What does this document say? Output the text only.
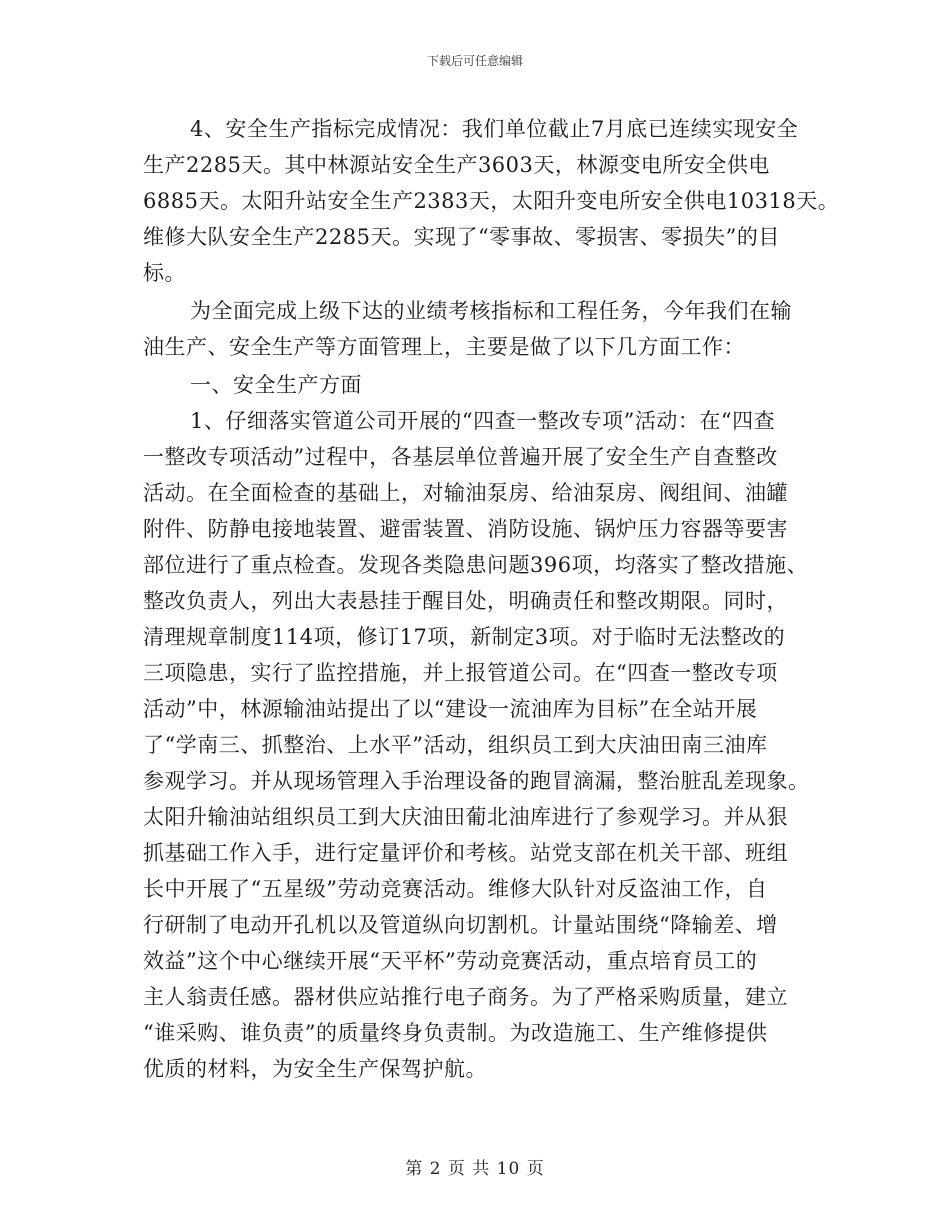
下载后可任意编辑
4、安全生产指标完成情况：我们单位截止7月底已连续实现安全
生产2285天。其中林源站安全生产3603天，林源变电所安全供电
6885天。太阳升站安全生产2383天，太阳升变电所安全供电10318天。
维修大队安全生产2285天。实现了“零事故、零损害、零损失”的目
标。
为全面完成上级下达的业绩考核指标和工程任务，今年我们在输
油生产、安全生产等方面管理上，主要是做了以下几方面工作：
一、安全生产方面
1、仔细落实管道公司开展的“四查一整改专项”活动：在“四查
一整改专项活动”过程中，各基层单位普遍开展了安全生产自查整改
活动。在全面检查的基础上，对输油泵房、给油泵房、阀组间、油罐
附件、防静电接地装置、避雷装置、消防设施、锅炉压力容器等要害
部位进行了重点检查。发现各类隐患问题396项，均落实了整改措施、
整改负责人，列出大表悬挂于醒目处，明确责任和整改期限。同时，
清理规章制度114项，修订17项，新制定3项。对于临时无法整改的
三项隐患，实行了监控措施，并上报管道公司。在“四查一整改专项
活动”中，林源输油站提出了以“建设一流油库为目标”在全站开展
了“学南三、抓整治、上水平”活动，组织员工到大庆油田南三油库
参观学习。并从现场管理入手治理设备的跑冒滴漏，整治脏乱差现象。
太阳升输油站组织员工到大庆油田葡北油库进行了参观学习。并从狠
抓基础工作入手，进行定量评价和考核。站党支部在机关干部、班组
长中开展了“五星级”劳动竞赛活动。维修大队针对反盗油工作，自
行研制了电动开孔机以及管道纵向切割机。计量站围绕“降输差、增
效益”这个中心继续开展“天平杯”劳动竞赛活动，重点培育员工的
主人翁责任感。器材供应站推行电子商务。为了严格采购质量，建立
“谁采购、谁负责”的质量终身负责制。为改造施工、生产维修提供
优质的材料，为安全生产保驾护航。
第 2 页 共 10 页
